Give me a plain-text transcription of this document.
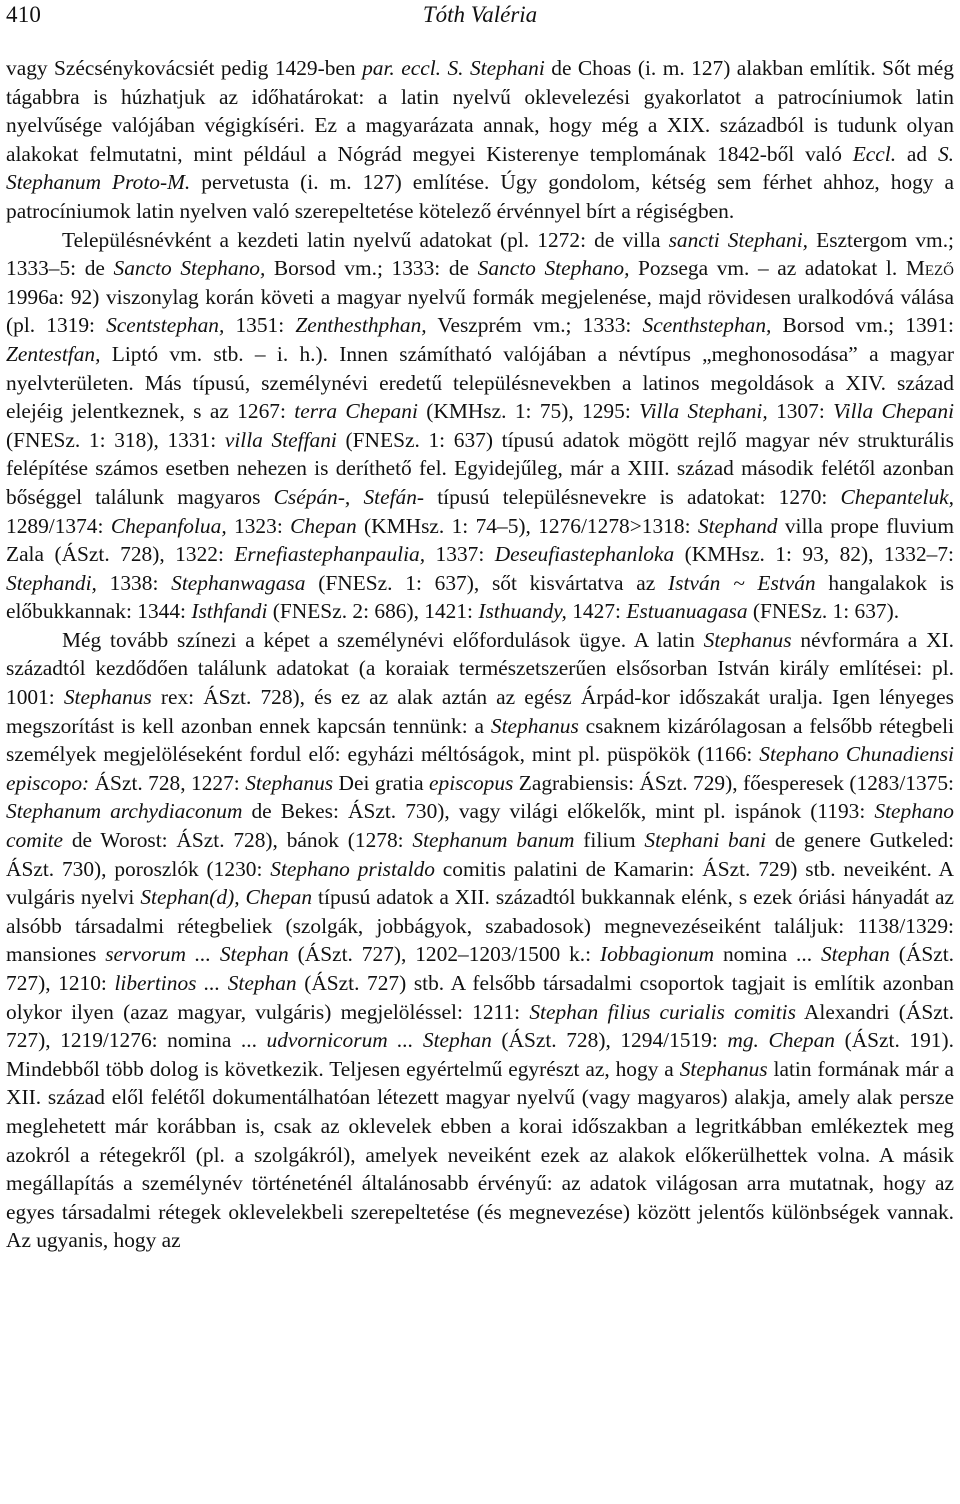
410	Tóth Valéria

vagy Szécsénykovácsiét pedig 1429-ben par. eccl. S. Stephani de Choas (i. m. 127) alakban említik. Sőt még tágabbra is húzhatjuk az időhatárokat: a latin nyelvű oklevelezési gyakorlatot a patrocíniumok latin nyelvűsége valójában végigkíséri. Ez a magyarázata annak, hogy még a XIX. századból is tudunk olyan alakokat felmutatni, mint például a Nógrád megyei Kisterenye templomának 1842-ből való Eccl. ad S. Stephanum Proto-M. pervetusta (i. m. 127) említése. Úgy gondolom, kétség sem férhet ahhoz, hogy a patrocíniumok latin nyelven való szerepeltetése kötelező érvénnyel bírt a régiségben.

Településnévként a kezdeti latin nyelvű adatokat (pl. 1272: de villa sancti Stephani, Esztergom vm.; 1333–5: de Sancto Stephano, Borsod vm.; 1333: de Sancto Stephano, Pozsega vm. – az adatokat l. Mező 1996a: 92) viszonylag korán követi a magyar nyelvű formák megjelenése, majd rövidesen uralkodóvá válása (pl. 1319: Scentstephan, 1351: Zenthesthphan, Veszprém vm.; 1333: Scenthstephan, Borsod vm.; 1391: Zentestfan, Liptó vm. stb. – i. h.). Innen számítható valójában a névtípus „meghonosodása” a magyar nyelvterületen. Más típusú, személynévi eredetű településnevekben a latinos megoldások a XIV. század elejéig jelentkeznek, s az 1267: terra Chepani (KMHsz. 1: 75), 1295: Villa Stephani, 1307: Villa Chepani (FNESz. 1: 318), 1331: villa Steffani (FNESz. 1: 637) típusú adatok mögött rejlő magyar név strukturális felépítése számos esetben nehezen is deríthető fel. Egyidejűleg, már a XIII. század második felétől azonban bőséggel találunk magyaros Csépán-, Stefán- típusú településnevekre is adatokat: 1270: Chepanteluk, 1289/1374: Chepanfolua, 1323: Chepan (KMHsz. 1: 74–5), 1276/1278>1318: Stephand villa prope fluvium Zala (ÁSzt. 728), 1322: Ernefiastephanpaulia, 1337: Deseufiastephanloka (KMHsz. 1: 93, 82), 1332–7: Stephandi, 1338: Stephanwagasa (FNESz. 1: 637), sőt kisvártatva az István ~ Estván hangalakok is előbukkannak: 1344: Isthfandi (FNESz. 2: 686), 1421: Isthuandy, 1427: Estuanuagasa (FNESz. 1: 637).

Még tovább színezi a képet a személynévi előfordulások ügye. A latin Stephanus névformára a XI. századtól kezdődően találunk adatokat (a koraiak természetszerűen elsősorban István király említései: pl. 1001: Stephanus rex: ÁSzt. 728), és ez az alak aztán az egész Árpád-kor időszakát uralja. Igen lényeges megszorítást is kell azonban ennek kapcsán tennünk: a Stephanus csaknem kizárólagosan a felsőbb rétegbeli személyek megjelöléseként fordul elő: egyházi méltóságok, mint pl. püspökök (1166: Stephano Chunadiensi episcopo: ÁSzt. 728, 1227: Stephanus Dei gratia episcopus Zagrabiensis: ÁSzt. 729), főesperesek (1283/1375: Stephanum archydiaconum de Bekes: ÁSzt. 730), vagy világi előkelők, mint pl. ispánok (1193: Stephano comite de Worost: ÁSzt. 728), bánok (1278: Stephanum banum filium Stephani bani de genere Gutkeled: ÁSzt. 730), poroszlók (1230: Stephano pristaldo comitis palatini de Kamarin: ÁSzt. 729) stb. neveiként. A vulgáris nyelvi Stephan(d), Chepan típusú adatok a XII. századtól bukkannak elénk, s ezek óriási hányadát az alsóbb társadalmi rétegbeliek (szolgák, jobbágyok, szabadosok) megnevezéseiként találjuk: 1138/1329: mansiones servorum ... Stephan (ÁSzt. 727), 1202–1203/1500 k.: Iobbagionum nomina ... Stephan (ÁSzt. 727), 1210: libertinos ... Stephan (ÁSzt. 727) stb. A felsőbb társadalmi csoportok tagjait is említik azonban olykor ilyen (azaz magyar, vulgáris) megjelöléssel: 1211: Stephan filius curialis comitis Alexandri (ÁSzt. 727), 1219/1276: nomina ... udvornicorum ... Stephan (ÁSzt. 728), 1294/1519: mg. Chepan (ÁSzt. 191). Mindebből több dolog is következik. Teljesen egyértelmű egyrészt az, hogy a Stephanus latin formának már a XII. század elől felétől dokumentálhatóan létezett magyar nyelvű (vagy magyaros) alakja, amely alak persze meglehetett már korábban is, csak az oklevelek ebben a korai időszakban a legritkábban emlékeztek meg azokról a rétegekről (pl. a szolgákról), amelyek neveiként ezek az alakok előkerülhettek volna. A másik megállapítás a személynév történeténél általánosabb érvényű: az adatok világosan arra mutatnak, hogy az egyes társadalmi rétegek oklevelekbeli szerepeltetése (és megnevezése) között jelentős különbségek vannak. Az ugyanis, hogy az
